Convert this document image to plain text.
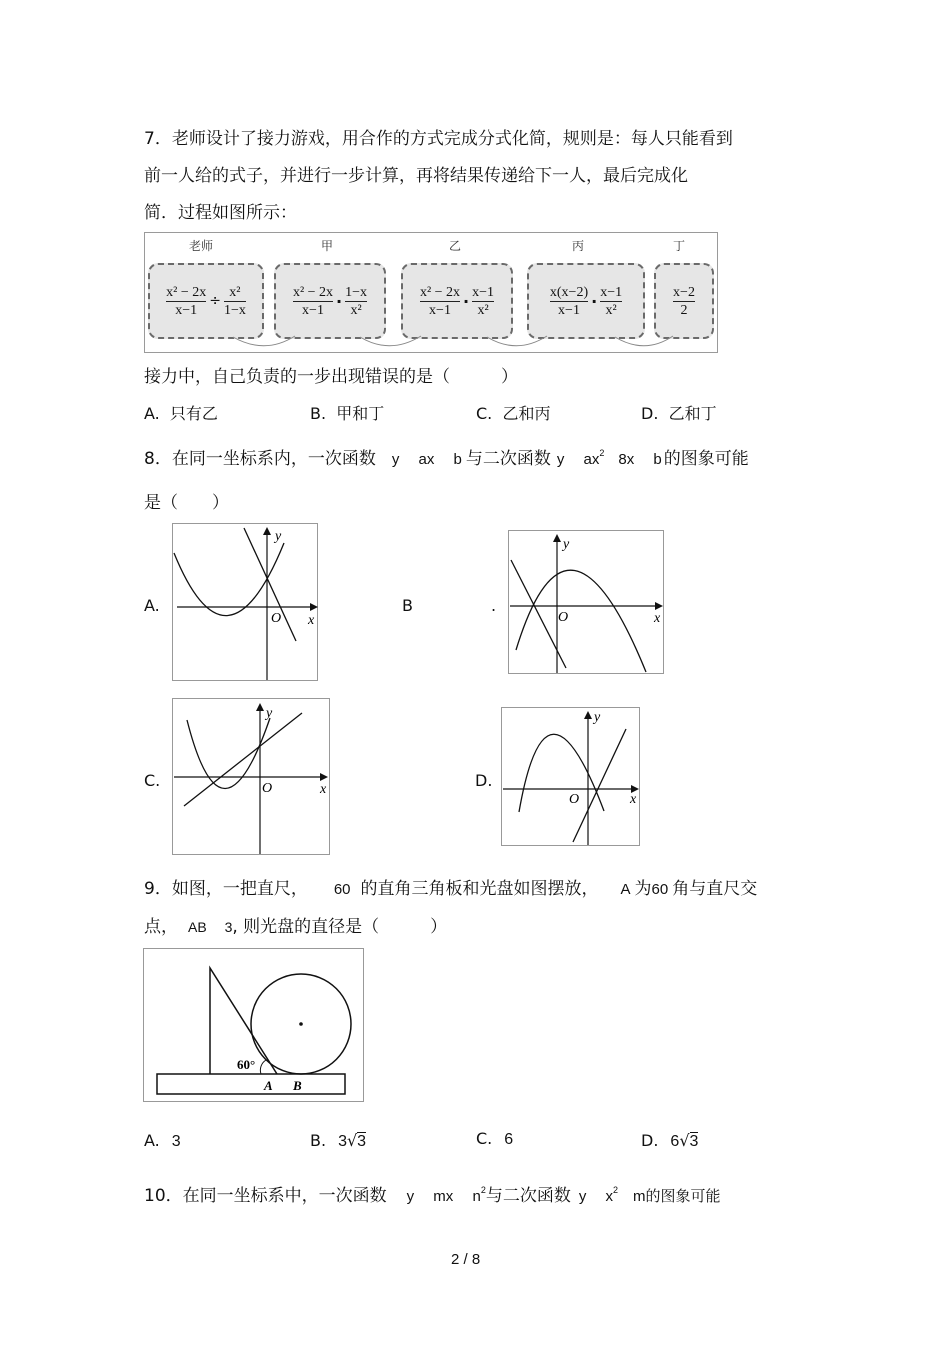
7．老师设计了接力游戏，用合作的方式完成分式化简，规则是：每人只能看到
前一人给的式子，并进行一步计算，再将结果传递给下一人，最后完成化
简．过程如图所示：
老师	甲	乙	丙	丁
$\frac{\text{x² − 2x}}{x-1} \div \frac{\text{x²}}{1-x}$	$\frac{\text{x² − 2x}}{x-1} \cdot \frac{1-x}{\text{x²}}$	$\frac{\text{x² − 2x}}{x-1} \cdot \frac{x-1}{\text{x²}}$	$\frac{x(x-2)}{x-1} \cdot \frac{x-1}{\text{x²}}$	$\frac{x-2}{2}$
接力中，自己负责的一步出现错误的是（　　　）
A.  只有乙	B.  甲和丁	C.  乙和丙	D.  乙和丁
8．在同一坐标系内，一次函数 y　 ax　 b 与二次函数 y　 $ax^2$ 8x　 b 的图象可能
是（　　）
A.	B	.
C.	D.
y
x
O
y
x
O
y
x
O
y
x
O
9．如图，一把直尺， 60 的直角三角板和光盘如图摆放， A 为60 角与直尺交
点， AB　 3, 则光盘的直径是（　　　）
60°
A B
A. 3	B. 3√3	C. 6	D. 6√3
10．在同一坐标系中，一次函数 y　 mx　 $n^2$与二次函数 y　 $x^2$　m的图象可能
2 / 8
